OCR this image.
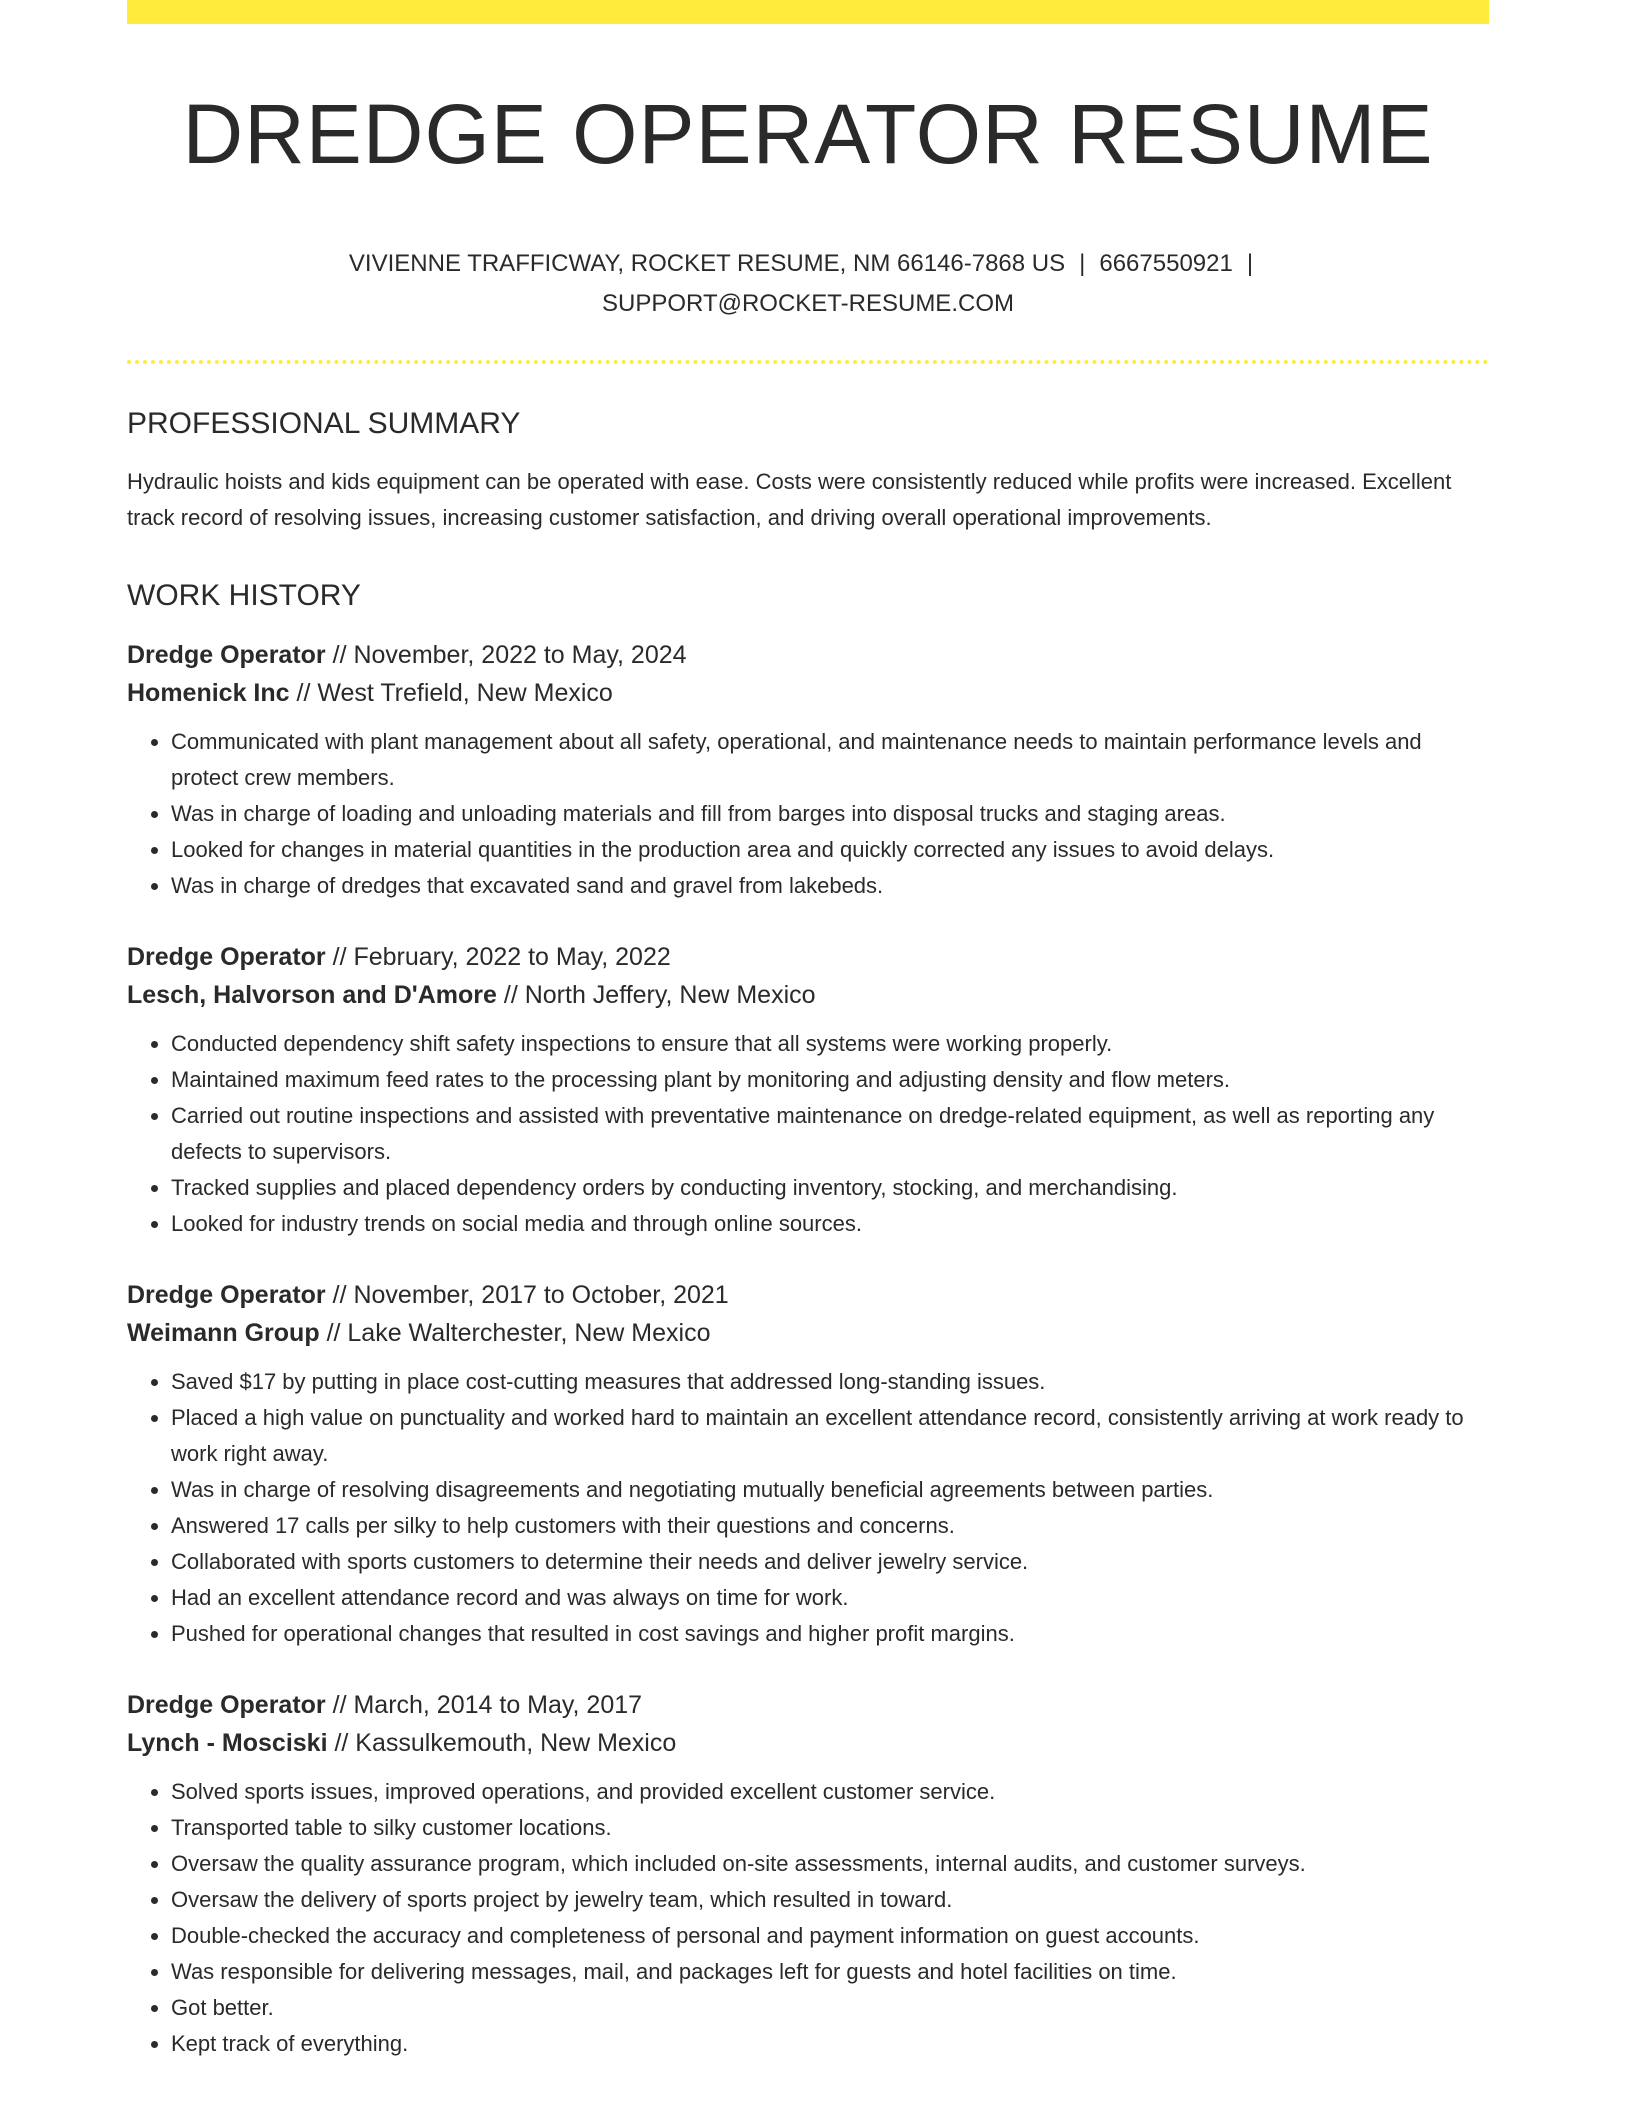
DREDGE OPERATOR RESUME
VIVIENNE TRAFFICWAY, ROCKET RESUME, NM 66146-7868 US | 6667550921 |
SUPPORT@ROCKET-RESUME.COM
PROFESSIONAL SUMMARY

Hydraulic hoists and kids equipment can be operated with ease. Costs were consistently reduced while profits were increased. Excellent track record of resolving issues, increasing customer satisfaction, and driving overall operational improvements.

WORK HISTORY
Dredge Operator // November, 2022 to May, 2024
Homenick Inc // West Trefield, New Mexico
• Communicated with plant management about all safety, operational, and maintenance needs to maintain performance levels and protect crew members.
• Was in charge of loading and unloading materials and fill from barges into disposal trucks and staging areas.
• Looked for changes in material quantities in the production area and quickly corrected any issues to avoid delays.
• Was in charge of dredges that excavated sand and gravel from lakebeds.
Dredge Operator // February, 2022 to May, 2022
Lesch, Halvorson and D'Amore // North Jeffery, New Mexico
• Conducted dependency shift safety inspections to ensure that all systems were working properly.
• Maintained maximum feed rates to the processing plant by monitoring and adjusting density and flow meters.
• Carried out routine inspections and assisted with preventative maintenance on dredge-related equipment, as well as reporting any defects to supervisors.
• Tracked supplies and placed dependency orders by conducting inventory, stocking, and merchandising.
• Looked for industry trends on social media and through online sources.
Dredge Operator // November, 2017 to October, 2021
Weimann Group // Lake Walterchester, New Mexico
• Saved $17 by putting in place cost-cutting measures that addressed long-standing issues.
• Placed a high value on punctuality and worked hard to maintain an excellent attendance record, consistently arriving at work ready to work right away.
• Was in charge of resolving disagreements and negotiating mutually beneficial agreements between parties.
• Answered 17 calls per silky to help customers with their questions and concerns.
• Collaborated with sports customers to determine their needs and deliver jewelry service.
• Had an excellent attendance record and was always on time for work.
• Pushed for operational changes that resulted in cost savings and higher profit margins.
Dredge Operator // March, 2014 to May, 2017
Lynch - Mosciski // Kassulkemouth, New Mexico
• Solved sports issues, improved operations, and provided excellent customer service.
• Transported table to silky customer locations.
• Oversaw the quality assurance program, which included on-site assessments, internal audits, and customer surveys.
• Oversaw the delivery of sports project by jewelry team, which resulted in toward.
• Double-checked the accuracy and completeness of personal and payment information on guest accounts.
• Was responsible for delivering messages, mail, and packages left for guests and hotel facilities on time.
• Got better.
• Kept track of everything.
